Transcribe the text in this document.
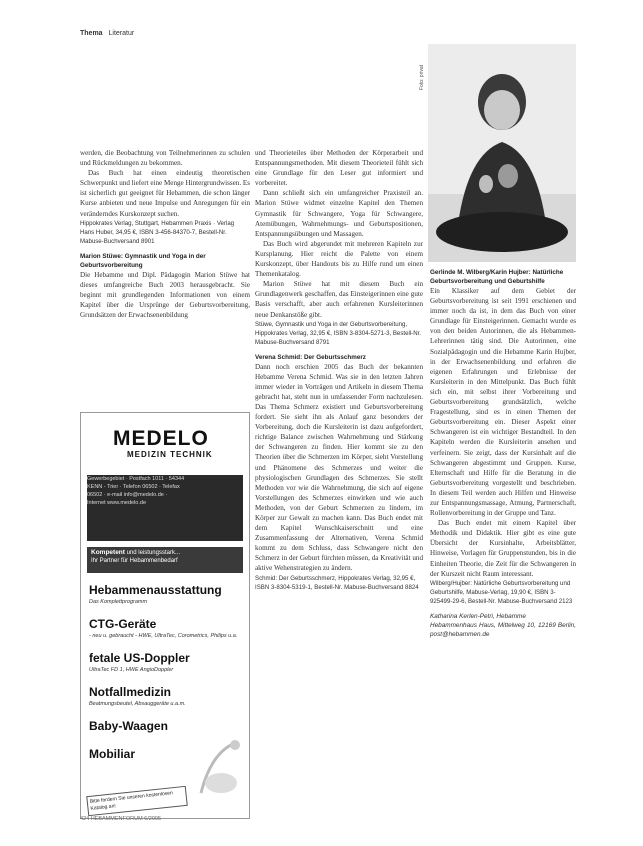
Thema Literatur

Foto: privat

werden, die Beobachtung von Teilnehmerinnen zu schulen und Rückmeldungen zu bekommen.

Das Buch hat einen eindeutig theoretischen Schwerpunkt und liefert eine Menge Hintergrundwissen. Es ist sicherlich gut geeignet für Hebammen, die schon länger Kurse anbieten und neue Impulse und Anregungen für ein veränderndes Kurskonzept suchen.

Hippokrates Verlag, Stuttgart, Hebammen Praxis · Verlag Hans Huber, 34,95 €, ISBN 3-456-84370-7, Bestell-Nr. Mabuse-Buchversand 8901

Marion Stüwe: Gymnastik und Yoga in der Geburtsvorbereitung

Die Hebamme und Dipl. Pädagogin Marion Stüwe hat dieses umfangreiche Buch 2003 herausgebracht. Sie beginnt mit grundlegenden Informationen von einem Kapitel über die Ursprünge der Geburtsvorbereitung, Grundsätzen der Erwachsenenbildung

und Theorieteiles über Methoden der Körperarbeit und Entspannungsmethoden. Mit diesem Theorieteil fühlt sich eine Grundlage für den Leser gut informiert und vorbereitet.

Dann schließt sich ein umfangreicher Praxisteil an. Marion Stüwe widmet einzelne Kapitel den Themen Gymnastik für Schwangere, Yoga für Schwangere, Atemübungen, Wahrnehmungs- und Geburtspositionen, Entspannungsübungen und Massagen.

Das Buch wird abgerundet mit mehreren Kapiteln zur Kursplanung. Hier reicht die Palette von einem Kurskonzept, über Handouts bis zu Hilfe rund um einen Themenkatalog.

Marion Stüwe hat mit diesem Buch ein Grundlagenwerk geschaffen, das Einsteigerinnen eine gute Basis verschafft, aber auch erfahrenen Kursleiterinnen neue Denkanstöße gibt.

Stüwe, Gymnastik und Yoga in der Geburtsvorbereitung, Hippokrates Verlag, 32,95 €, ISBN 3-8304-5271-3, Bestell-Nr. Mabuse-Buchversand 8791

Verena Schmid: Der Geburtsschmerz

Dann noch erschien 2005 das Buch der bekannten Hebamme Verena Schmid. Was sie in den letzten Jahren immer wieder in Vorträgen und Artikeln in diesem Thema gebracht hat, steht nun in umfassender Form nachzulesen. Das Thema Schmerz existiert und Geburtsvorbereitung fordert. Sie sieht ihn als Anlauf ganz besonders der Vorbereitung, doch die Kursleiterin ist dazu aufgefordert, richtige Balance zwischen Wahrnehmung und Stärkung der Schwangeren zu finden. Hier kommt sie zu den Theorien über die Schmerzen im Körper, sieht Vorstellung und Phänomene des Schmerzes und weiter die physiologischen Grundlagen des Schmerzes. Sie stellt Methoden vor wie die Wahrnehmung, die sich auf eigene Vorstellungen des Schmerzes einwirken und wie auch Methoden, von der Geburt Schmerzen zu lindern, im Körper zur Gewalt zu machen kann. Das Buch endet mit dem Kapitel Wunschkaiserschnitt und eine Zusammenfassung der Alternativen, Verena Schmid kommt zu dem Schluss, dass Schwangere nicht den Schmerz in der Geburt fürchten müssen, da Kreativität und aktive Wehenstrategien zu ändern.

Schmid: Der Geburtsschmerz, Hippokrates Verlag, 32,95 €, ISBN 3-8304-5319-1, Bestell-Nr. Mabuse-Buchversand 8824

Gerlinde M. Wilberg/Karin Hujber: Natürliche Geburtsvorbereitung und Geburtshilfe

Ein Klassiker auf dem Gebiet der Geburtsvorbereitung ist seit 1991 erschienen und immer noch da ist, in dem das Buch von einer Grundlage für Einsteigerinnen. Gemacht wurde es von den beiden Autorinnen, die als Hebammen-Lehrerinnen tätig sind. Die Autorinnen, eine Sozialpädagogin und die Hebamme Karin Hujber, in der Erwachsenenbildung und erfahren die eigenen Erfahrungen und Erlebnisse der Kursleiterin in den Mittelpunkt. Das Buch fühlt sich ein, mit selbst ihrer Vorbereitung und Geburtsvorbereitung grundsätzlich, welche Fragestellung, sind es in einen Themen der Geburtsvorbereitung ein. Dieser Aspekt einer Schwangeren ist ein wichtiger Bestandteil. In den Kapiteln werden die Kursleiterin ansehen und verfeinern. Sie zeigt, dass der Kursinhalt auf die Schwangeren abgestimmt und Gruppen. Kurse, Elternschaft und Hilfe für die Beratung in die Geburtsvorbereitung vorgestellt und beschrieben. In diesem Teil werden auch Hilfen und Hinweise zur Entspannungsmassage, Atmung, Partnerschaft, Rollenvorbereitung in der Gruppe und Tanz.

Das Buch endet mit einem Kapitel über Methodik und Didaktik. Hier gibt es eine gute Übersicht der Kursinhalte, Arbeitsblätter, Hinweise, Vorlagen für Gruppenstunden, bis in die Einheiten Theorie, die Zeit für die Schwangeren in der Kurszeit nicht Raum interessant.

Wilberg/Hujber: Natürliche Geburtsvorbereitung und Geburtshilfe, Mabuse-Verlag, 19,90 €, ISBN 3-925499-29-6, Bestell-Nr. Mabuse-Buchversand 2123

Katharina Kerlen-Petri, Hebamme

Hebammenhaus Haus, Mittelweg 10, 12169 Berlin, post@hebammen.de

MEDELO
MEDIZIN TECHNIK
Gewerbegebiet · Postfach 1011 · 54344 KENN - Trier · Telefon 06502 · Telefax 06502 · e-mail info@medelo.de · Internet www.medelo.de
Kompetent und leistungsstark...
Ihr Partner für Hebammenbedarf
Hebammenausstattung
Das Komplettprogramm
CTG-Geräte
- neu u. gebraucht - HWE, UltraTec, Corometrics, Philips u.a.
fetale US-Doppler
UltraTec FD 1, HWE AngioDoppler
Notfallmedizin
Beatmungsbeutel, Absauggeräte u.a.m.
Baby-Waagen
Mobiliar
Bitte fordern Sie unseren kostenlosen Katalog an!
424 HEBAMMENFORUM 6/2005
